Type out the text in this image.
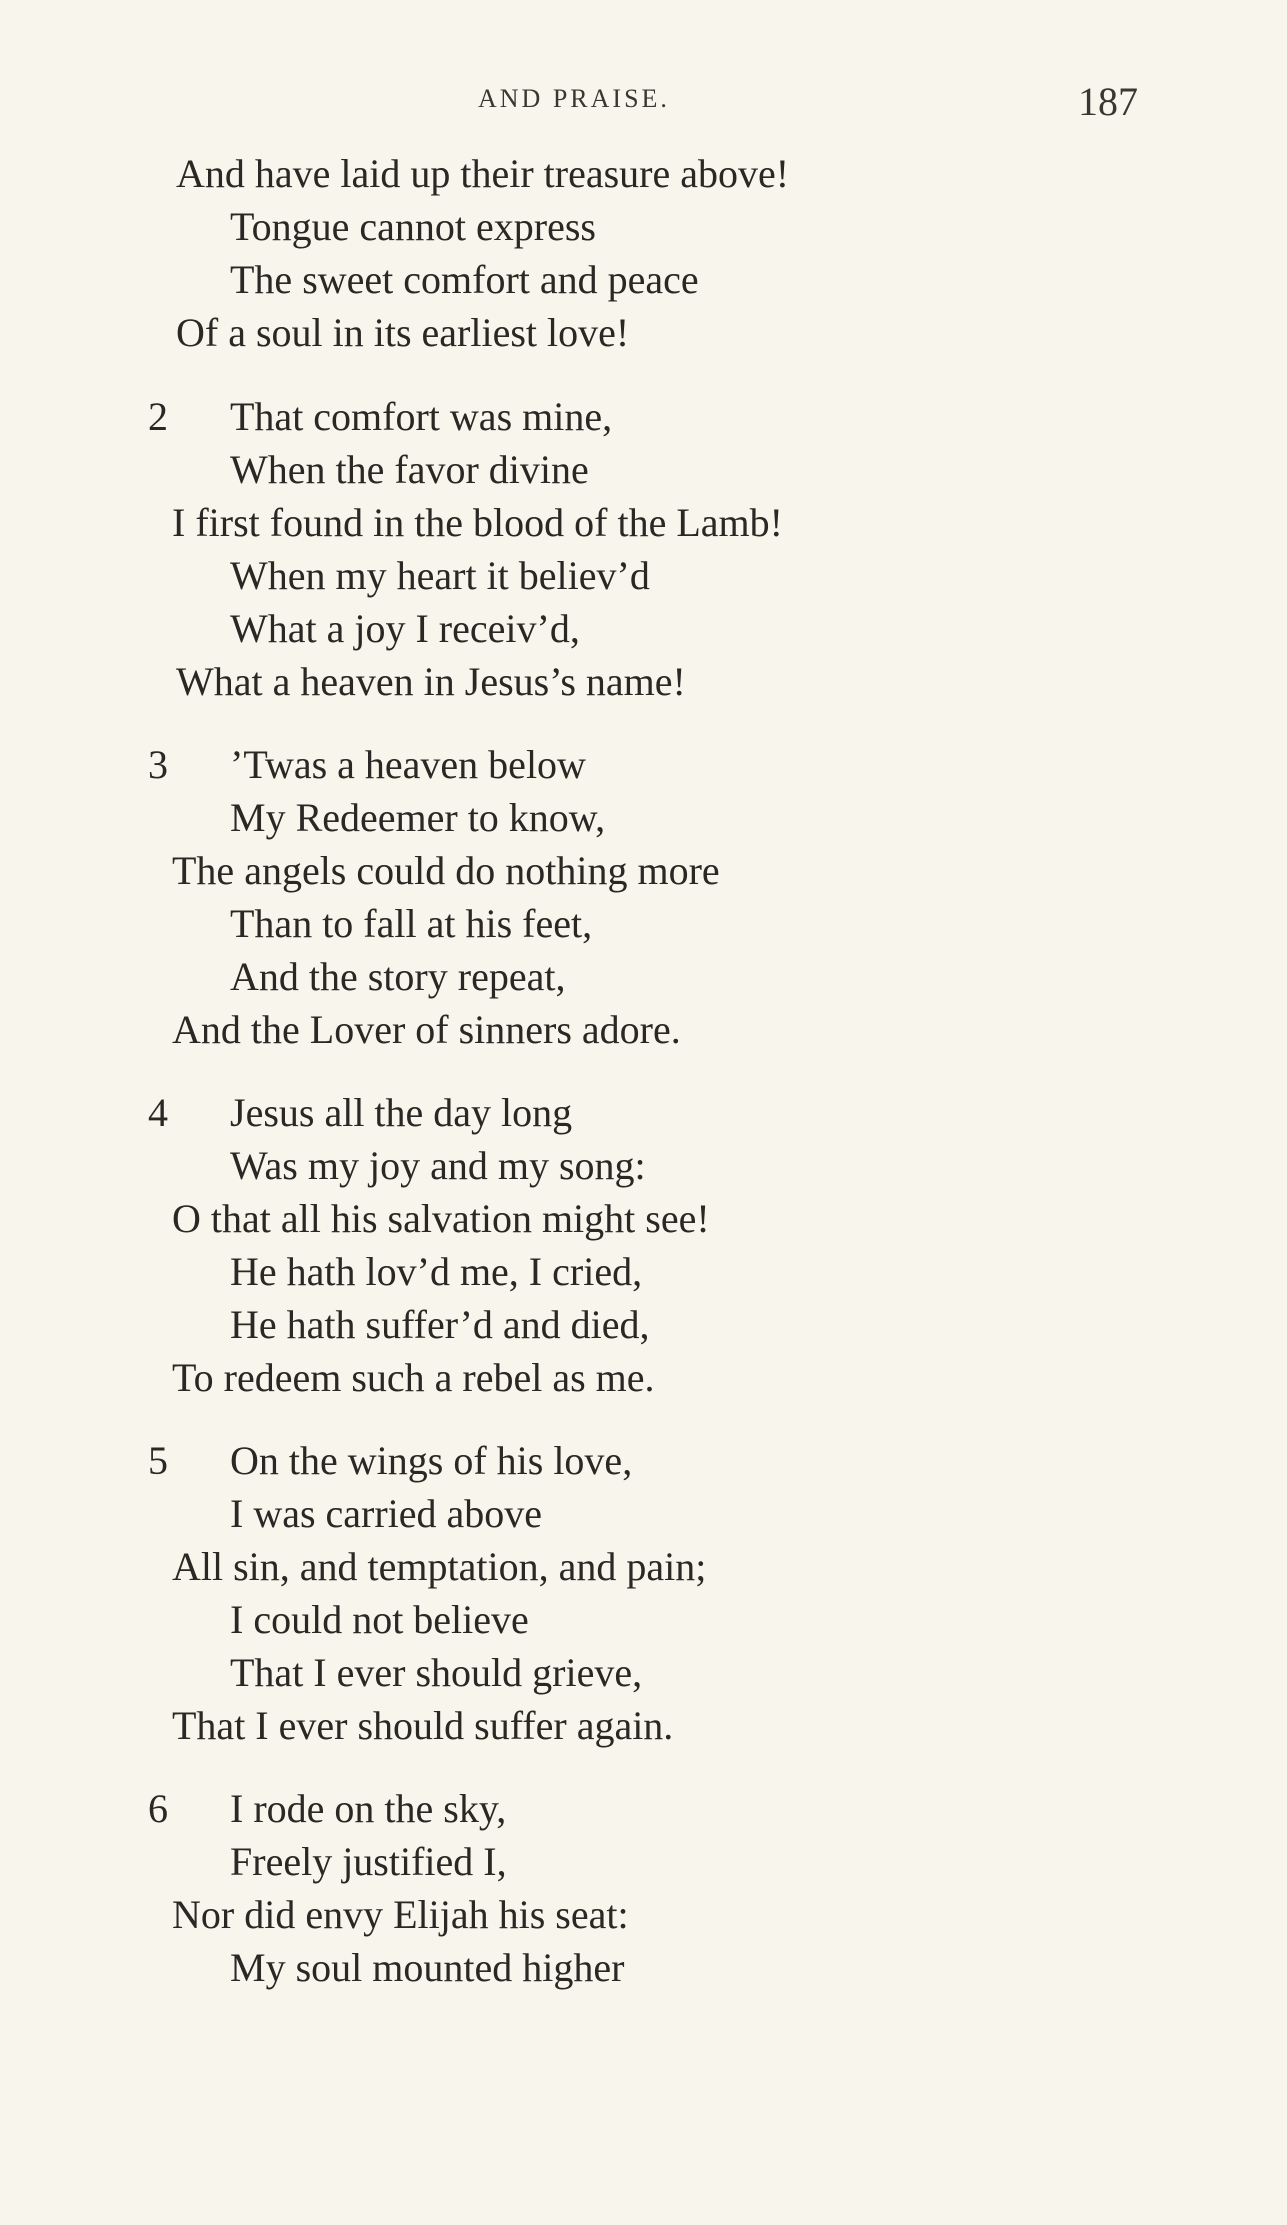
AND PRAISE.	187
And have laid up their treasure above!
Tongue cannot express
The sweet comfort and peace
Of a soul in its earliest love!
2 That comfort was mine,
When the favor divine
I first found in the blood of the Lamb!
When my heart it believ’d
What a joy I receiv’d,
What a heaven in Jesus’s name!
3 ’Twas a heaven below
My Redeemer to know,
The angels could do nothing more
Than to fall at his feet,
And the story repeat,
And the Lover of sinners adore.
4 Jesus all the day long
Was my joy and my song:
O that all his salvation might see!
He hath lov’d me, I cried,
He hath suffer’d and died,
To redeem such a rebel as me.
5 On the wings of his love,
I was carried above
All sin, and temptation, and pain;
I could not believe
That I ever should grieve,
That I ever should suffer again.
6 I rode on the sky,
Freely justified I,
Nor did envy Elijah his seat:
My soul mounted higher
